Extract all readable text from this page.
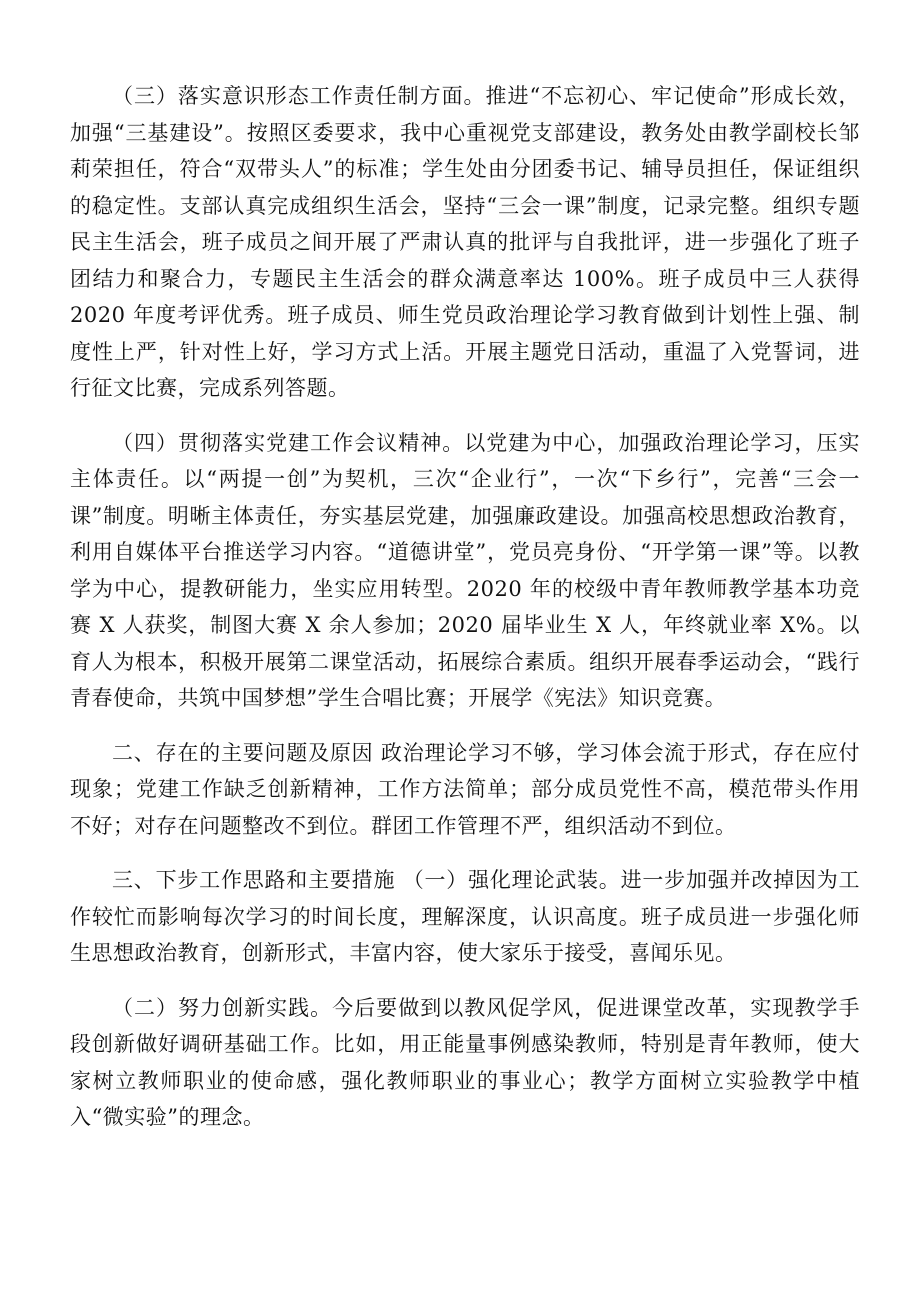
（三）落实意识形态工作责任制方面。推进“不忘初心、牢记使命”形成长效，加强“三基建设”。按照区委要求，我中心重视党支部建设，教务处由教学副校长邹莉荣担任，符合“双带头人”的标准；学生处由分团委书记、辅导员担任，保证组织的稳定性。支部认真完成组织生活会，坚持“三会一课”制度，记录完整。组织专题民主生活会，班子成员之间开展了严肃认真的批评与自我批评，进一步强化了班子团结力和聚合力，专题民主生活会的群众满意率达 100%。班子成员中三人获得 2020 年度考评优秀。班子成员、师生党员政治理论学习教育做到计划性上强、制度性上严，针对性上好，学习方式上活。开展主题党日活动，重温了入党誓词，进行征文比赛，完成系列答题。

（四）贯彻落实党建工作会议精神。以党建为中心，加强政治理论学习，压实主体责任。以“两提一创”为契机，三次“企业行”，一次“下乡行”，完善“三会一课”制度。明晰主体责任，夯实基层党建，加强廉政建设。加强高校思想政治教育，利用自媒体平台推送学习内容。“道德讲堂”，党员亮身份、“开学第一课”等。以教学为中心，提教研能力，坐实应用转型。2020 年的校级中青年教师教学基本功竞赛 X 人获奖，制图大赛 X 余人参加；2020 届毕业生 X 人，年终就业率 X%。以育人为根本，积极开展第二课堂活动，拓展综合素质。组织开展春季运动会，“践行青春使命，共筑中国梦想”学生合唱比赛；开展学《宪法》知识竞赛。

二、存在的主要问题及原因 政治理论学习不够，学习体会流于形式，存在应付现象；党建工作缺乏创新精神，工作方法简单；部分成员党性不高，模范带头作用不好；对存在问题整改不到位。群团工作管理不严，组织活动不到位。

三、下步工作思路和主要措施 （一）强化理论武装。进一步加强并改掉因为工作较忙而影响每次学习的时间长度，理解深度，认识高度。班子成员进一步强化师生思想政治教育，创新形式，丰富内容，使大家乐于接受，喜闻乐见。

（二）努力创新实践。今后要做到以教风促学风，促进课堂改革，实现教学手段创新做好调研基础工作。比如，用正能量事例感染教师，特别是青年教师，使大家树立教师职业的使命感，强化教师职业的事业心；教学方面树立实验教学中植入“微实验”的理念。
